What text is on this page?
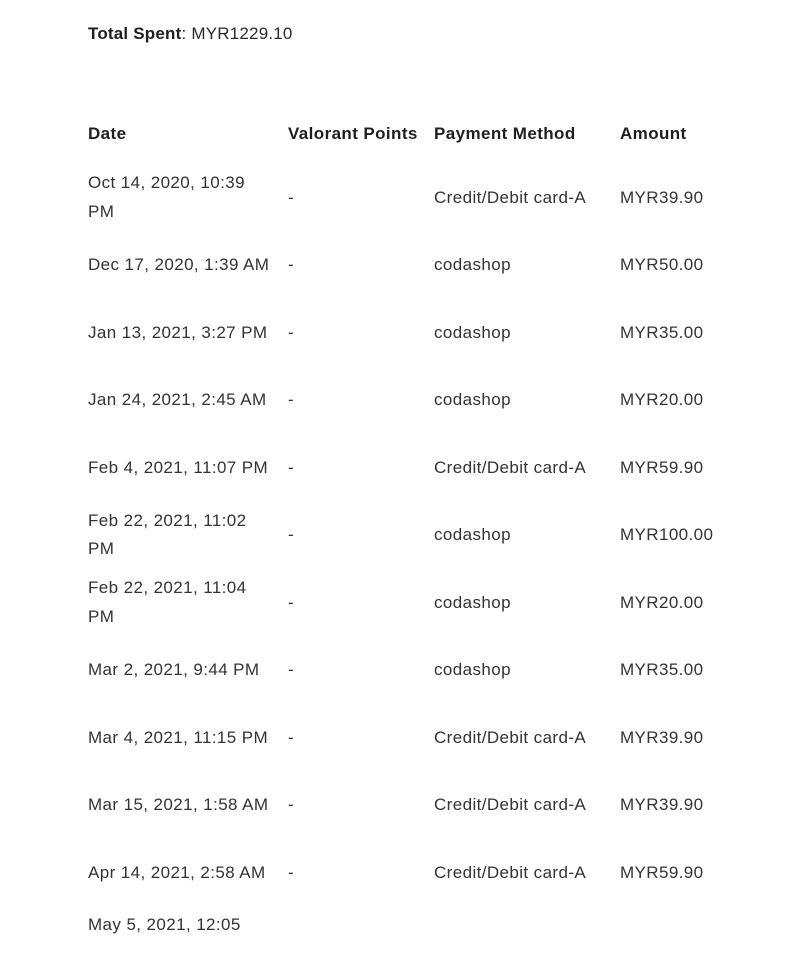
Total Spent: MYR1229.10
Date	Valorant Points	Payment Method	Amount
Oct 14, 2020, 10:39 PM	-	Credit/Debit card-A	MYR39.90
Dec 17, 2020, 1:39 AM	-	codashop	MYR50.00
Jan 13, 2021, 3:27 PM	-	codashop	MYR35.00
Jan 24, 2021, 2:45 AM	-	codashop	MYR20.00
Feb 4, 2021, 11:07 PM	-	Credit/Debit card-A	MYR59.90
Feb 22, 2021, 11:02 PM	-	codashop	MYR100.00
Feb 22, 2021, 11:04 PM	-	codashop	MYR20.00
Mar 2, 2021, 9:44 PM	-	codashop	MYR35.00
Mar 4, 2021, 11:15 PM	-	Credit/Debit card-A	MYR39.90
Mar 15, 2021, 1:58 AM	-	Credit/Debit card-A	MYR39.90
Apr 14, 2021, 2:58 AM	-	Credit/Debit card-A	MYR59.90
May 5, 2021, 12:05			
